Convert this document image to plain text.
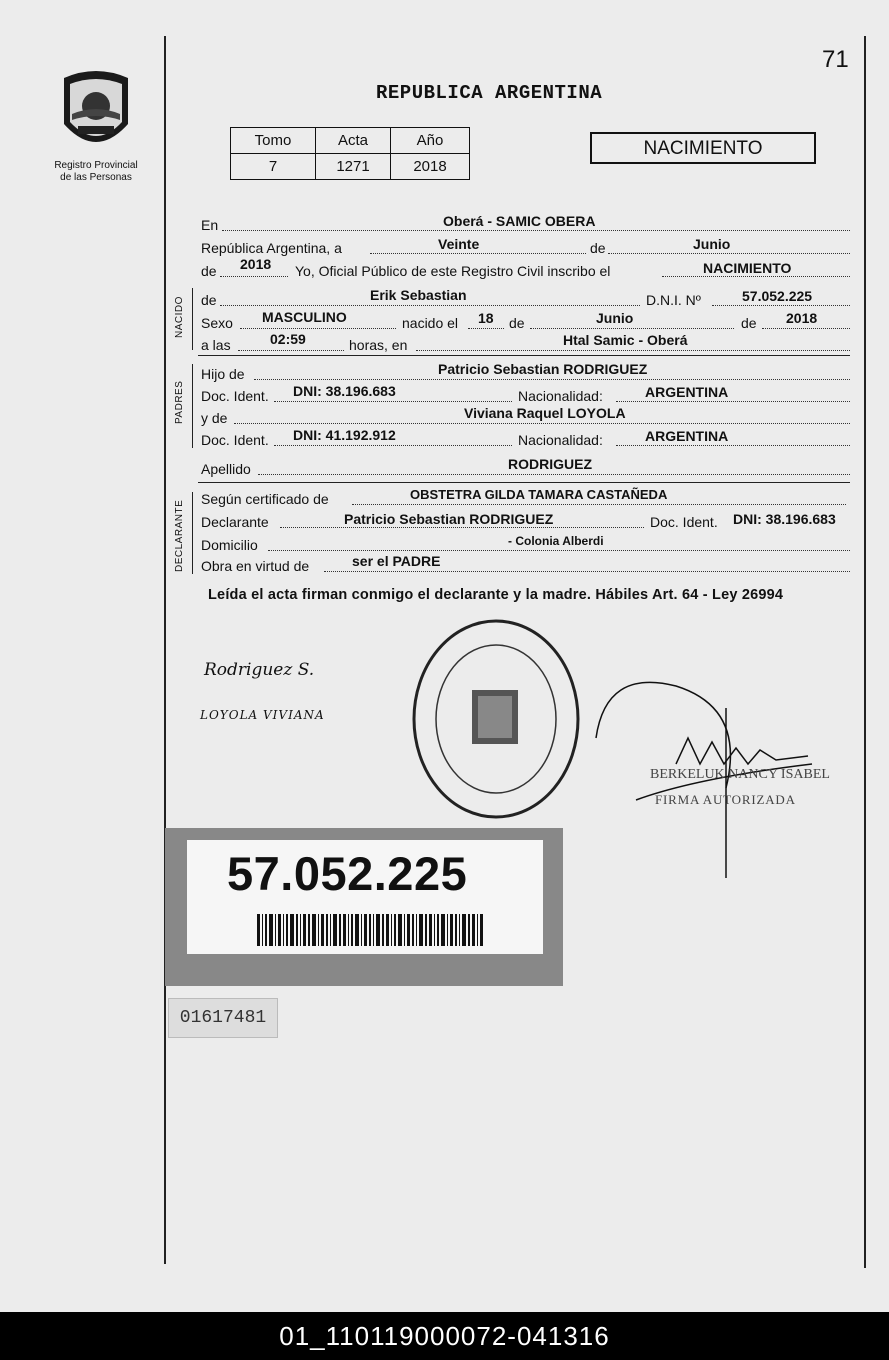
71
Registro Provincial
de las Personas
REPUBLICA ARGENTINA
Tomo	Acta	Año
7	1271	2018
NACIMIENTO
En	Oberá - SAMIC OBERA
República Argentina, a	Veinte	de	Junio
de 2018 Yo, Oficial Público de este Registro Civil inscribo el	NACIMIENTO
NACIDO de	Erik Sebastian	D.N.I. Nº	57.052.225
Sexo MASCULINO	nacido el 18 de	Junio	de 2018
a las	02:59	horas, en	Htal Samic - Oberá
PADRES
Hijo de	Patricio Sebastian RODRIGUEZ
Doc. Ident. DNI: 38.196.683	Nacionalidad:	ARGENTINA
y de	Viviana Raquel LOYOLA
Doc. Ident. DNI: 41.192.912	Nacionalidad:	ARGENTINA
Apellido	RODRIGUEZ
DECLARANTE
Según certificado de	OBSTETRA GILDA TAMARA CASTAÑEDA
Declarante	Patricio Sebastian RODRIGUEZ	Doc. Ident. DNI: 38.196.683
Domicilio	- Colonia Alberdi
Obra en virtud de	ser el PADRE
Leída el acta firman conmigo el declarante y la madre. Hábiles Art. 64 - Ley 26994
Rodriguez S.
LOYOLA VIVIANA
BERKELUK NANCY ISABEL
FIRMA AUTORIZADA
57.052.225
01617481
01_110119000072-041316
